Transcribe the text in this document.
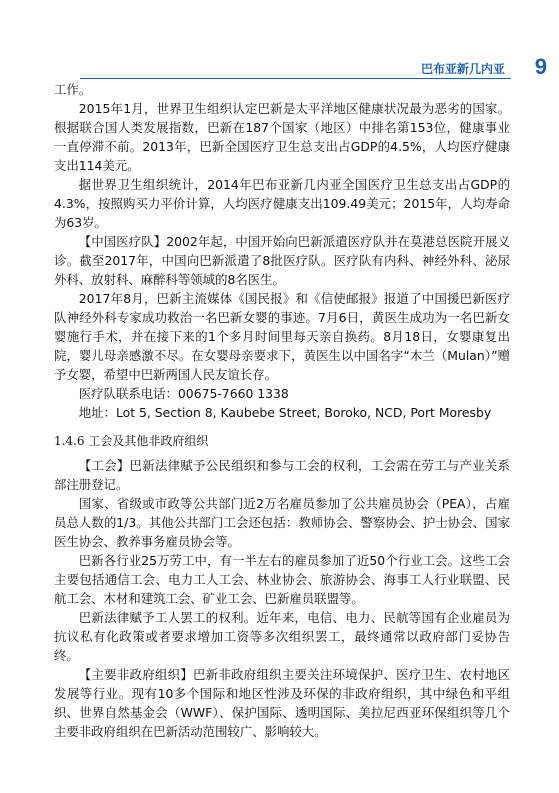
巴布亚新几内亚 9

工作。

2015年1月，世界卫生组织认定巴新是太平洋地区健康状况最为恶劣的国家。根据联合国人类发展指数，巴新在187个国家（地区）中排名第153位，健康事业一直停滞不前。2013年，巴新全国医疗卫生总支出占GDP的4.5%，人均医疗健康支出114美元。

据世界卫生组织统计，2014年巴布亚新几内亚全国医疗卫生总支出占GDP的4.3%，按照购买力平价计算，人均医疗健康支出109.49美元；2015年，人均寿命为63岁。

【中国医疗队】2002年起，中国开始向巴新派遣医疗队并在莫港总医院开展义诊。截至2017年，中国向巴新派遣了8批医疗队。医疗队有内科、神经外科、泌尿外科、放射科、麻醉科等领域的8名医生。

2017年8月，巴新主流媒体《国民报》和《信使邮报》报道了中国援巴新医疗队神经外科专家成功救治一名巴新女婴的事迹。7月6日，黄医生成功为一名巴新女婴施行手术，并在接下来的1个多月时间里每天亲自换药。8月18日，女婴康复出院，婴儿母亲感激不尽。在女婴母亲要求下，黄医生以中国名字“木兰（Mulan）”赠予女婴，希望中巴新两国人民友谊长存。

医疗队联系电话：00675-7660 1338

地址：Lot 5, Section 8, Kaubebe Street, Boroko, NCD, Port Moresby

1.4.6 工会及其他非政府组织

【工会】巴新法律赋予公民组织和参与工会的权利，工会需在劳工与产业关系部注册登记。

国家、省级或市政等公共部门近2万名雇员参加了公共雇员协会（PEA），占雇员总人数的1/3。其他公共部门工会还包括：教师协会、警察协会、护士协会、国家医生协会、教养事务雇员协会等。

巴新各行业25万劳工中，有一半左右的雇员参加了近50个行业工会。这些工会主要包括通信工会、电力工人工会、林业协会、旅游协会、海事工人行业联盟、民航工会、木材和建筑工会、矿业工会、巴新雇员联盟等。

巴新法律赋予工人罢工的权利。近年来，电信、电力、民航等国有企业雇员为抗议私有化政策或者要求增加工资等多次组织罢工，最终通常以政府部门妥协告终。

【主要非政府组织】巴新非政府组织主要关注环境保护、医疗卫生、农村地区发展等行业。现有10多个国际和地区性涉及环保的非政府组织，其中绿色和平组织、世界自然基金会（WWF）、保护国际、透明国际、美拉尼西亚环保组织等几个主要非政府组织在巴新活动范围较广、影响较大。
